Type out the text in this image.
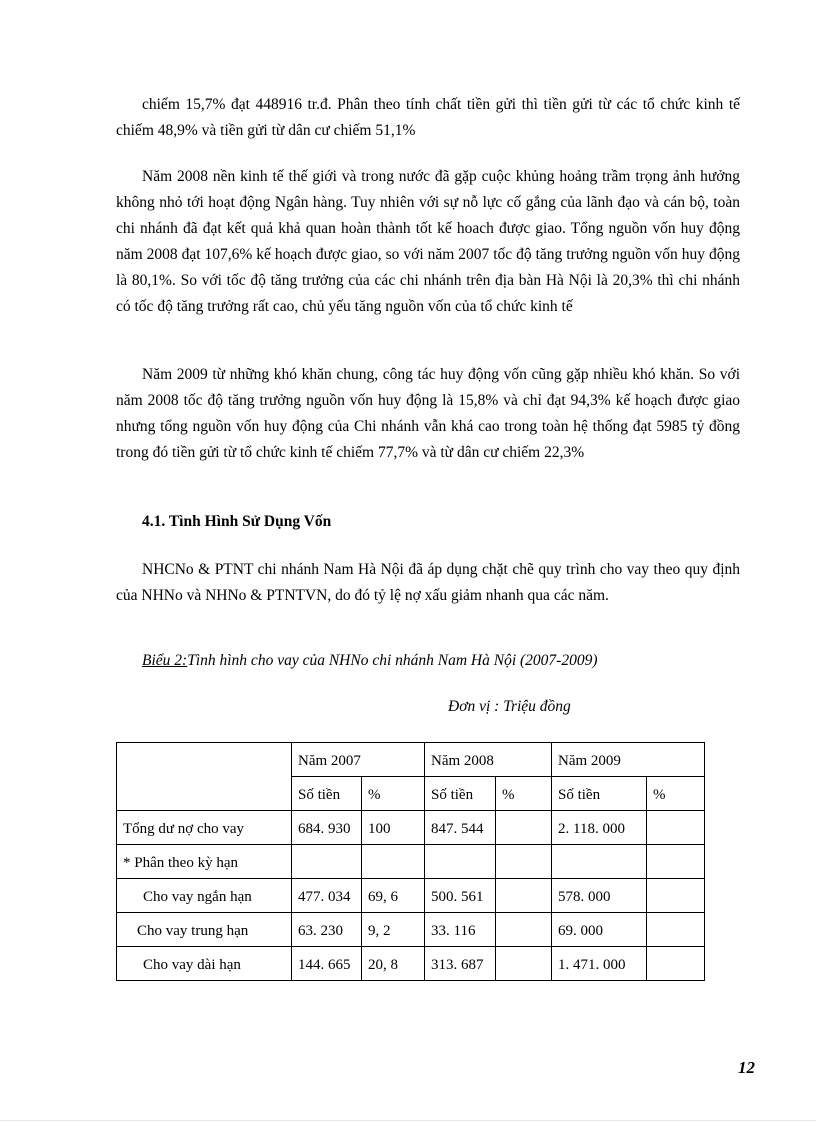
chiếm 15,7% đạt 448916 tr.đ. Phân theo tính chất tiền gửi thì tiền gửi từ các tổ chức kinh tế chiếm 48,9% và tiền gửi từ dân cư chiếm 51,1%

Năm 2008 nền kinh tế thế giới và trong nước đã gặp cuộc khủng hoảng trầm trọng ảnh hưởng không nhỏ tới hoạt động Ngân hàng. Tuy nhiên với sự nỗ lực cố gắng của lãnh đạo và cán bộ, toàn chi nhánh đã đạt kết quả khả quan hoàn thành tốt kế hoach được giao. Tổng nguồn vốn huy động năm 2008 đạt 107,6% kế hoạch được giao, so với năm 2007 tốc độ tăng trưởng nguồn vốn huy động là 80,1%. So với tốc độ tăng trưởng của các chi nhánh trên địa bàn Hà Nội là 20,3% thì chi nhánh có tốc độ tăng trưởng rất cao, chủ yếu tăng nguồn vốn của tổ chức kinh tế

Năm 2009 từ những khó khăn chung, công tác huy động vốn cũng gặp nhiều khó khăn. So với năm 2008 tốc độ tăng trưởng nguồn vốn huy động là 15,8% và chỉ đạt 94,3% kế hoạch được giao nhưng tổng nguồn vốn huy động của Chi nhánh vẫn khá cao trong toàn hệ thống đạt 5985 tỷ đồng trong đó tiền gửi từ tổ chức kinh tế chiếm 77,7% và từ dân cư chiếm 22,3%

4.1. Tình Hình Sử Dụng Vốn

NHCNo & PTNT chi nhánh Nam Hà Nội đã áp dụng chặt chẽ quy trình cho vay theo quy định của NHNo và NHNo & PTNTVN, do đó tỷ lệ nợ xấu giảm nhanh qua các năm.

Biểu 2:Tình hình cho vay của NHNo chi nhánh Nam Hà Nội (2007-2009)

Đơn vị : Triệu đồng

	Năm 2007		Năm 2008		Năm 2009	
	Số tiền	%	Số tiền	%	Số tiền	%
Tổng dư nợ cho vay	684. 930	100	847. 544		2. 118. 000	
* Phân theo kỳ hạn						
Cho vay ngắn hạn	477. 034	69, 6	500. 561		578. 000	
Cho vay trung hạn	63. 230	9, 2	33. 116		69. 000	
Cho vay dài hạn	144. 665	20, 8	313. 687		1. 471. 000	
12
